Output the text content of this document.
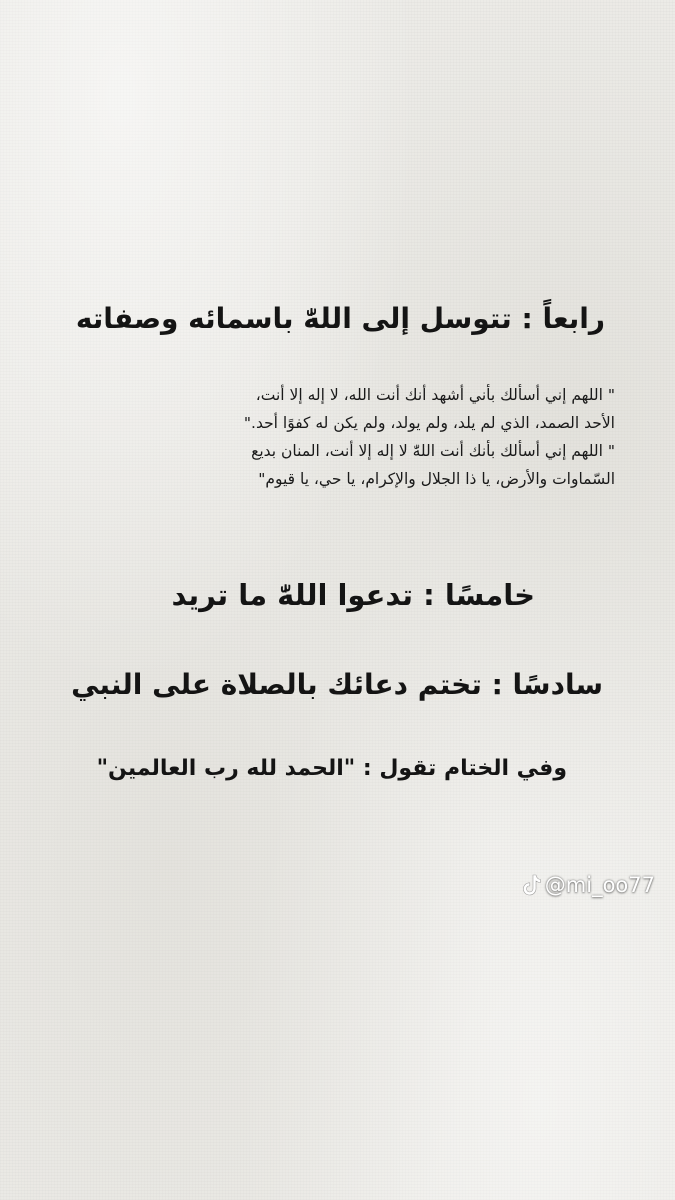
رابعاً : تتوسل إلى اللهّٰ باسمائه وصفاته
" اللهم إني أسألك بأني أشهد أنك أنت الله، لا إله إلا أنت،
الأحد الصمد، الذي لم يلد، ولم يولد، ولم يكن له كفوًا أحد."
" اللهم إني أسألك بأنك أنت اللهّٰ لا إله إلا أنت، المنان بديع
السّماوات والأرض، يا ذا الجلال والإكرام، يا حي، يا قيوم"
خامسًا : تدعوا اللهّٰ ما تريد
سادسًا : تختم دعائك بالصلاة على النبي
وفي الختام تقول : "الحمد لله رب العالمين"
@mi_oo77
